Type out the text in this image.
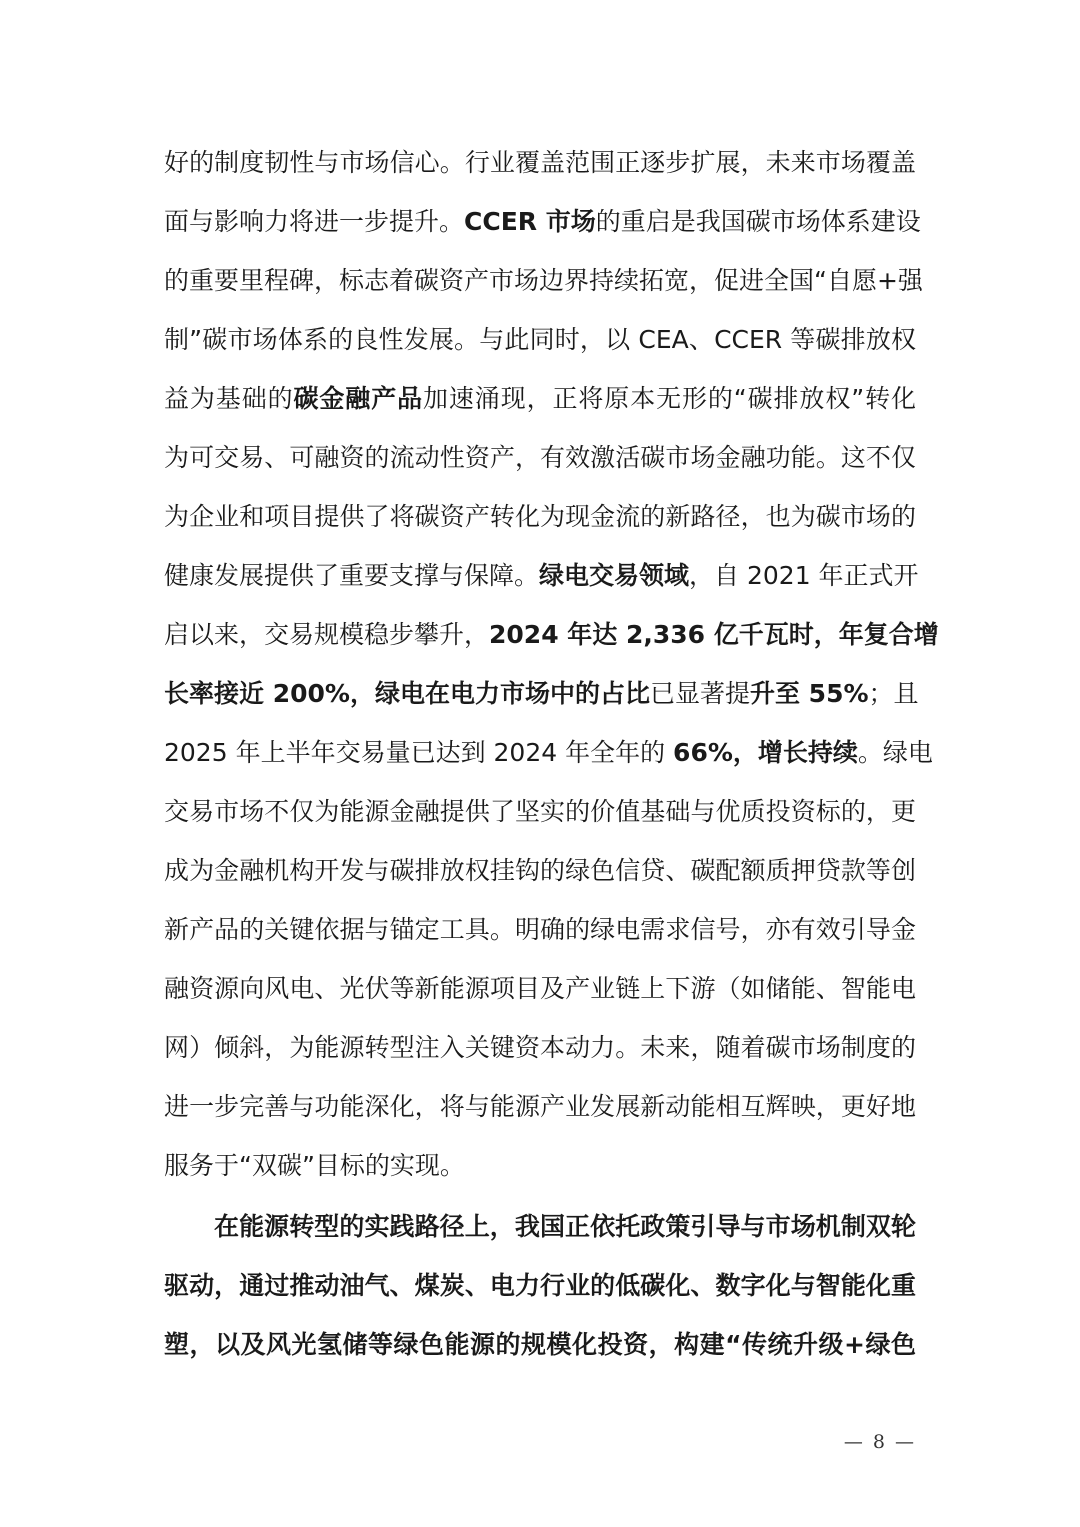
好的制度韧性与市场信心。行业覆盖范围正逐步扩展，未来市场覆盖
面与影响力将进一步提升。CCER 市场的重启是我国碳市场体系建设
的重要里程碑，标志着碳资产市场边界持续拓宽，促进全国“自愿+强
制”碳市场体系的良性发展。与此同时，以 CEA、CCER 等碳排放权
益为基础的碳金融产品加速涌现，正将原本无形的“碳排放权”转化
为可交易、可融资的流动性资产，有效激活碳市场金融功能。这不仅
为企业和项目提供了将碳资产转化为现金流的新路径，也为碳市场的
健康发展提供了重要支撑与保障。绿电交易领域，自 2021 年正式开
启以来，交易规模稳步攀升，2024 年达 2,336 亿千瓦时，年复合增
长率接近 200%，绿电在电力市场中的占比已显著提升至 55%；且
2025 年上半年交易量已达到 2024 年全年的 66%，增长持续。绿电
交易市场不仅为能源金融提供了坚实的价值基础与优质投资标的，更
成为金融机构开发与碳排放权挂钩的绿色信贷、碳配额质押贷款等创
新产品的关键依据与锚定工具。明确的绿电需求信号，亦有效引导金
融资源向风电、光伏等新能源项目及产业链上下游（如储能、智能电
网）倾斜，为能源转型注入关键资本动力。未来，随着碳市场制度的
进一步完善与功能深化，将与能源产业发展新动能相互辉映，更好地
服务于“双碳”目标的实现。
在能源转型的实践路径上，我国正依托政策引导与市场机制双轮
驱动，通过推动油气、煤炭、电力行业的低碳化、数字化与智能化重
塑，以及风光氢储等绿色能源的规模化投资，构建“传统升级+绿色
— 8 —
